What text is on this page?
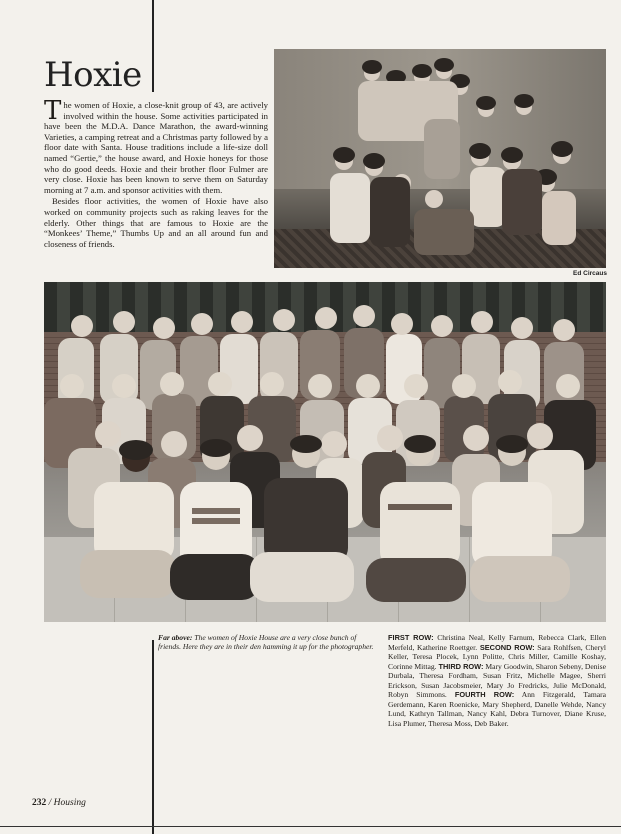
Hoxie

The women of Hoxie, a close-knit group of 43, are actively involved within the house. Some activities participated in have been the M.D.A. Dance Marathon, the award-winning Varieties, a camping retreat and a Christmas party followed by a floor date with Santa. House traditions include a life-size doll named “Gertie,” the house award, and Hoxie honeys for those who do good deeds. Hoxie and their brother floor Fulmer are very close. Hoxie has been known to serve them on Saturday morning at 7 a.m. and sponsor activities with them.

Besides floor activities, the women of Hoxie have also worked on community projects such as raking leaves for the elderly. Other things that are famous to Hoxie are the “Monkees’ Theme,” Thumbs Up and an all around fun and closeness of friends.

Ed Circaus
Far above: The women of Hoxie House are a very close bunch of friends. Here they are in their den hamming it up for the photographer.
FIRST ROW: Christina Neal, Kelly Farnum, Rebecca Clark, Ellen Merfeld, Katherine Roettger. SECOND ROW: Sara Rohlfsen, Cheryl Keller, Teresa Plocek, Lynn Politte, Chris Miller, Camille Koshay, Corinne Mittag. THIRD ROW: Mary Goodwin, Sharon Sebeny, Denise Durbala, Theresa Fordham, Susan Fritz, Michelle Magee, Sherri Erickson, Susan Jacobsmeier, Mary Jo Fredricks, Julie McDonald, Robyn Simmons. FOURTH ROW: Ann Fitzgerald, Tamara Gerdemann, Karen Roenicke, Mary Shepherd, Danelle Wehde, Nancy Lund, Kathryn Tallman, Nancy Kahl, Debra Turnover, Diane Kruse, Lisa Plumer, Theresa Moss, Deb Baker.
232 / Housing
